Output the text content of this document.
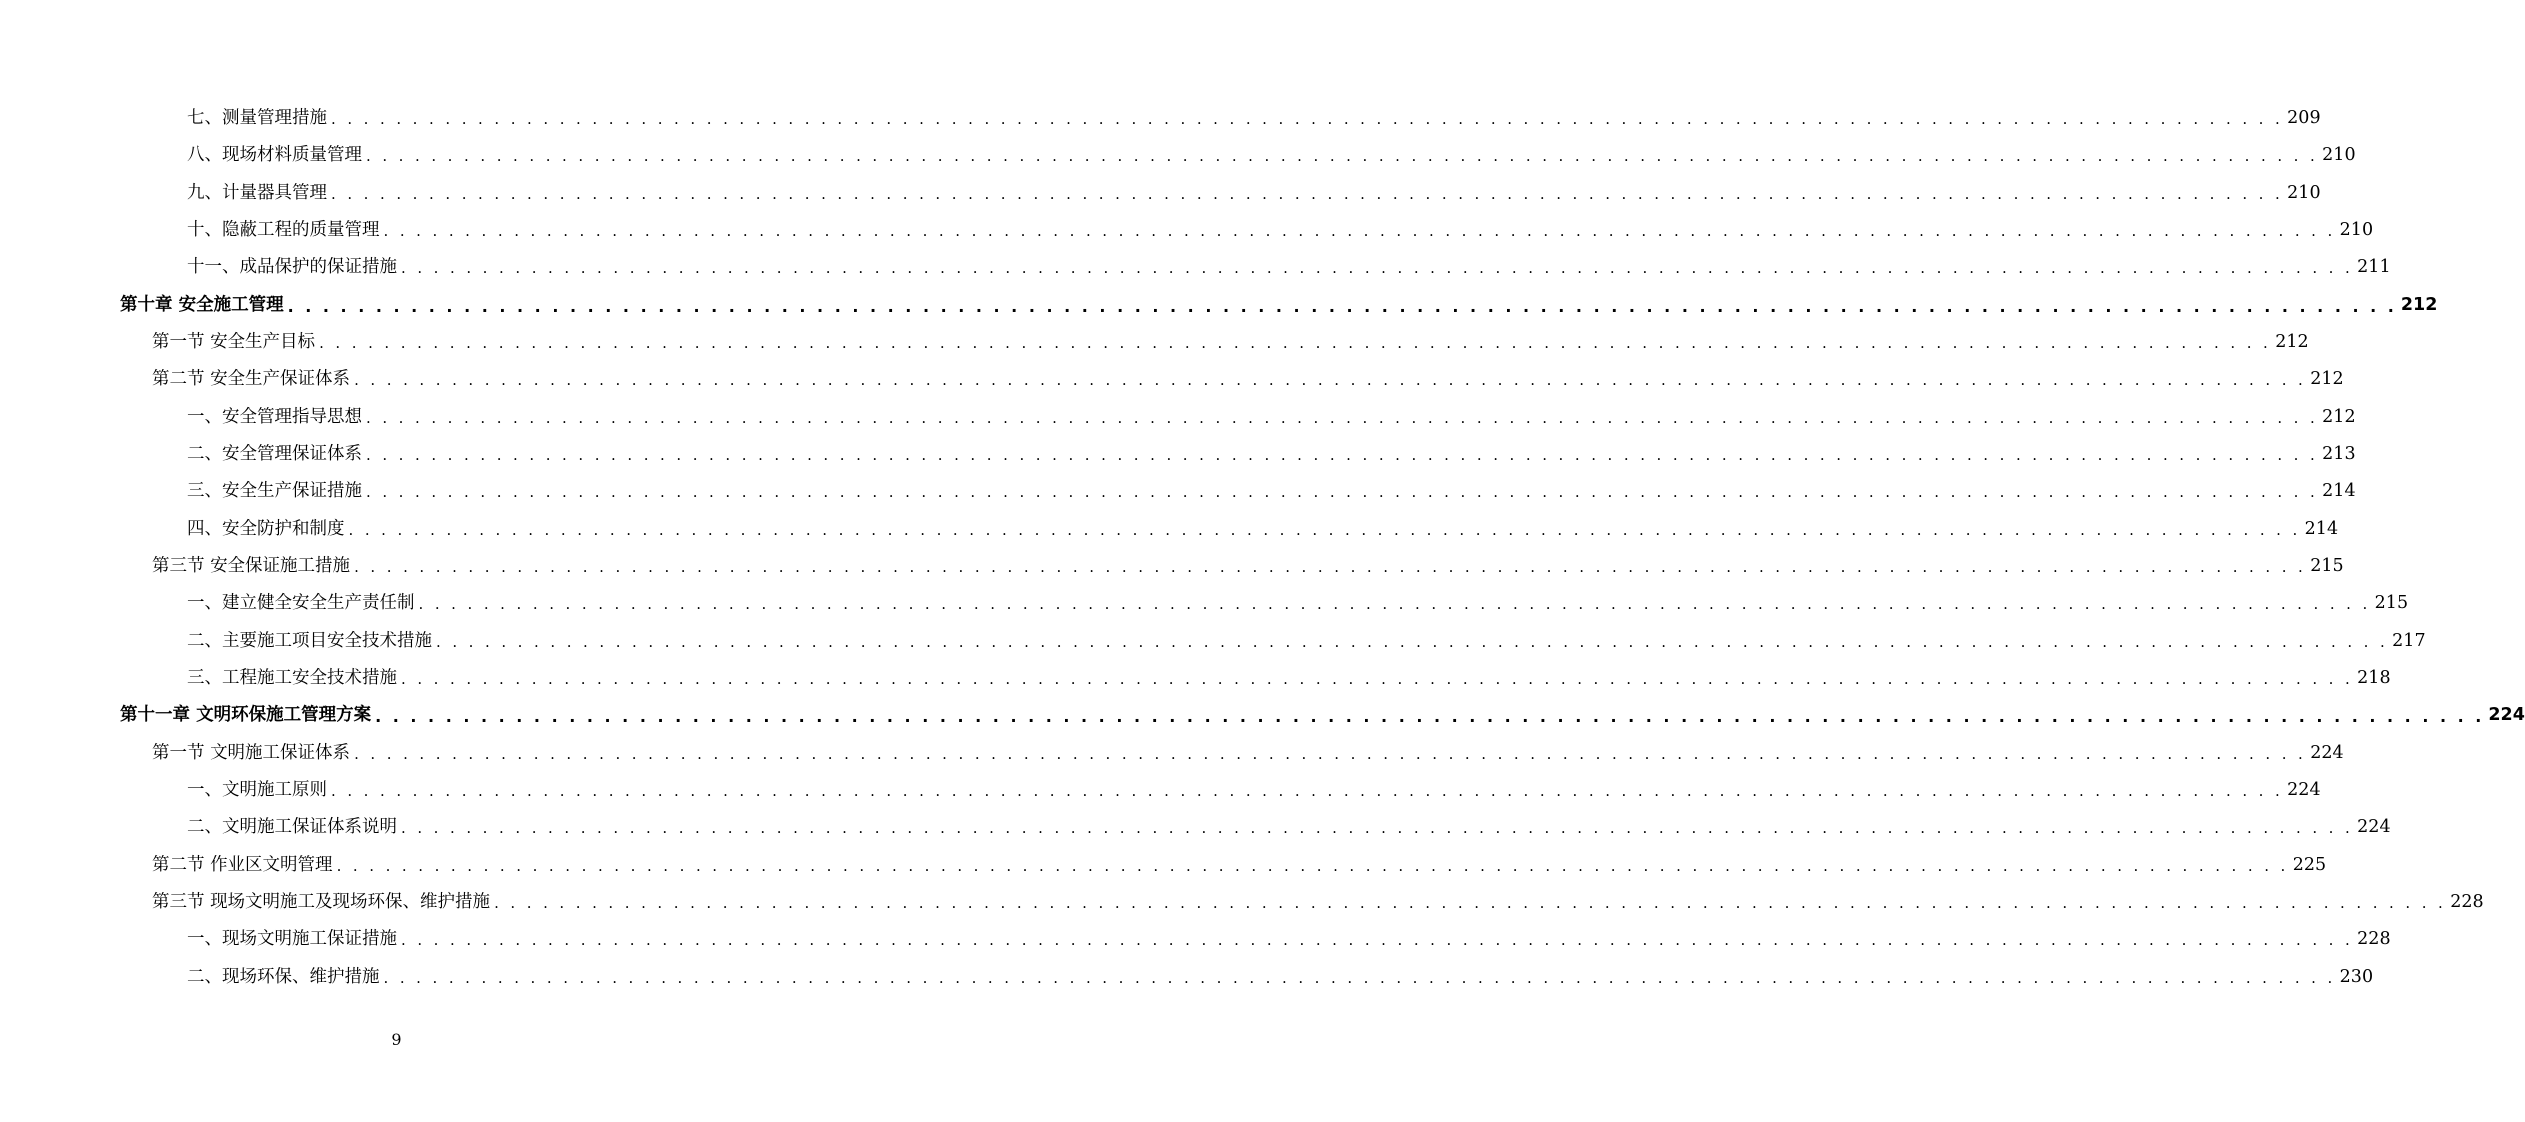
七、测量管理措施 . . . . . . . . . . . . . . . . . . . . . . . . . . . . . . . . . . . . . . . . . . . . . . . . . . . . . . . . . . . . . . . . . . . . . . . . . . . . . . . . . . . . . . . . . . . . . . . . . . . . . . . . . . . . . . . . . . . . . . . . 209
八、现场材料质量管理 . . . . . . . . . . . . . . . . . . . . . . . . . . . . . . . . . . . . . . . . . . . . . . . . . . . . . . . . . . . . . . . . . . . . . . . . . . . . . . . . . . . . . . . . . . . . . . . . . . . . . . . . . . . . . . . . . . . . . . . . 210
九、计量器具管理 . . . . . . . . . . . . . . . . . . . . . . . . . . . . . . . . . . . . . . . . . . . . . . . . . . . . . . . . . . . . . . . . . . . . . . . . . . . . . . . . . . . . . . . . . . . . . . . . . . . . . . . . . . . . . . . . . . . . . . . . 210
十、隐蔽工程的质量管理 . . . . . . . . . . . . . . . . . . . . . . . . . . . . . . . . . . . . . . . . . . . . . . . . . . . . . . . . . . . . . . . . . . . . . . . . . . . . . . . . . . . . . . . . . . . . . . . . . . . . . . . . . . . . . . . . . . . . . . . . 210
十一、成品保护的保证措施 . . . . . . . . . . . . . . . . . . . . . . . . . . . . . . . . . . . . . . . . . . . . . . . . . . . . . . . . . . . . . . . . . . . . . . . . . . . . . . . . . . . . . . . . . . . . . . . . . . . . . . . . . . . . . . . . . . . . . . . . 211
第十章 安全施工管理 . . . . . . . . . . . . . . . . . . . . . . . . . . . . . . . . . . . . . . . . . . . . . . . . . . . . . . . . . . . . . . . . . . . . . . . . . . . . . . . . . . . . . . . . . . . . . . . . . . . . . . . . . . . . . . . . . . . . . . . . 212
第一节 安全生产目标 . . . . . . . . . . . . . . . . . . . . . . . . . . . . . . . . . . . . . . . . . . . . . . . . . . . . . . . . . . . . . . . . . . . . . . . . . . . . . . . . . . . . . . . . . . . . . . . . . . . . . . . . . . . . . . . . . . . . . . . . 212
第二节 安全生产保证体系 . . . . . . . . . . . . . . . . . . . . . . . . . . . . . . . . . . . . . . . . . . . . . . . . . . . . . . . . . . . . . . . . . . . . . . . . . . . . . . . . . . . . . . . . . . . . . . . . . . . . . . . . . . . . . . . . . . . . . . . . 212
一、安全管理指导思想 . . . . . . . . . . . . . . . . . . . . . . . . . . . . . . . . . . . . . . . . . . . . . . . . . . . . . . . . . . . . . . . . . . . . . . . . . . . . . . . . . . . . . . . . . . . . . . . . . . . . . . . . . . . . . . . . . . . . . . . . 212
二、安全管理保证体系 . . . . . . . . . . . . . . . . . . . . . . . . . . . . . . . . . . . . . . . . . . . . . . . . . . . . . . . . . . . . . . . . . . . . . . . . . . . . . . . . . . . . . . . . . . . . . . . . . . . . . . . . . . . . . . . . . . . . . . . . 213
三、安全生产保证措施 . . . . . . . . . . . . . . . . . . . . . . . . . . . . . . . . . . . . . . . . . . . . . . . . . . . . . . . . . . . . . . . . . . . . . . . . . . . . . . . . . . . . . . . . . . . . . . . . . . . . . . . . . . . . . . . . . . . . . . . . 214
四、安全防护和制度 . . . . . . . . . . . . . . . . . . . . . . . . . . . . . . . . . . . . . . . . . . . . . . . . . . . . . . . . . . . . . . . . . . . . . . . . . . . . . . . . . . . . . . . . . . . . . . . . . . . . . . . . . . . . . . . . . . . . . . . . 214
第三节 安全保证施工措施 . . . . . . . . . . . . . . . . . . . . . . . . . . . . . . . . . . . . . . . . . . . . . . . . . . . . . . . . . . . . . . . . . . . . . . . . . . . . . . . . . . . . . . . . . . . . . . . . . . . . . . . . . . . . . . . . . . . . . . . . 215
一、建立健全安全生产责任制 . . . . . . . . . . . . . . . . . . . . . . . . . . . . . . . . . . . . . . . . . . . . . . . . . . . . . . . . . . . . . . . . . . . . . . . . . . . . . . . . . . . . . . . . . . . . . . . . . . . . . . . . . . . . . . . . . . . . . . . . 215
二、主要施工项目安全技术措施 . . . . . . . . . . . . . . . . . . . . . . . . . . . . . . . . . . . . . . . . . . . . . . . . . . . . . . . . . . . . . . . . . . . . . . . . . . . . . . . . . . . . . . . . . . . . . . . . . . . . . . . . . . . . . . . . . . . . . . . . 217
三、工程施工安全技术措施 . . . . . . . . . . . . . . . . . . . . . . . . . . . . . . . . . . . . . . . . . . . . . . . . . . . . . . . . . . . . . . . . . . . . . . . . . . . . . . . . . . . . . . . . . . . . . . . . . . . . . . . . . . . . . . . . . . . . . . . . 218
第十一章 文明环保施工管理方案 . . . . . . . . . . . . . . . . . . . . . . . . . . . . . . . . . . . . . . . . . . . . . . . . . . . . . . . . . . . . . . . . . . . . . . . . . . . . . . . . . . . . . . . . . . . . . . . . . . . . . . . . . . . . . . . . . . . . . . . . 224
第一节 文明施工保证体系 . . . . . . . . . . . . . . . . . . . . . . . . . . . . . . . . . . . . . . . . . . . . . . . . . . . . . . . . . . . . . . . . . . . . . . . . . . . . . . . . . . . . . . . . . . . . . . . . . . . . . . . . . . . . . . . . . . . . . . . . 224
一、文明施工原则 . . . . . . . . . . . . . . . . . . . . . . . . . . . . . . . . . . . . . . . . . . . . . . . . . . . . . . . . . . . . . . . . . . . . . . . . . . . . . . . . . . . . . . . . . . . . . . . . . . . . . . . . . . . . . . . . . . . . . . . . 224
二、文明施工保证体系说明 . . . . . . . . . . . . . . . . . . . . . . . . . . . . . . . . . . . . . . . . . . . . . . . . . . . . . . . . . . . . . . . . . . . . . . . . . . . . . . . . . . . . . . . . . . . . . . . . . . . . . . . . . . . . . . . . . . . . . . . . 224
第二节 作业区文明管理 . . . . . . . . . . . . . . . . . . . . . . . . . . . . . . . . . . . . . . . . . . . . . . . . . . . . . . . . . . . . . . . . . . . . . . . . . . . . . . . . . . . . . . . . . . . . . . . . . . . . . . . . . . . . . . . . . . . . . . . . 225
第三节 现场文明施工及现场环保、维护措施 . . . . . . . . . . . . . . . . . . . . . . . . . . . . . . . . . . . . . . . . . . . . . . . . . . . . . . . . . . . . . . . . . . . . . . . . . . . . . . . . . . . . . . . . . . . . . . . . . . . . . . . . . . . . . . . . . . . . . . . . 228
一、现场文明施工保证措施 . . . . . . . . . . . . . . . . . . . . . . . . . . . . . . . . . . . . . . . . . . . . . . . . . . . . . . . . . . . . . . . . . . . . . . . . . . . . . . . . . . . . . . . . . . . . . . . . . . . . . . . . . . . . . . . . . . . . . . . . 228
二、现场环保、维护措施 . . . . . . . . . . . . . . . . . . . . . . . . . . . . . . . . . . . . . . . . . . . . . . . . . . . . . . . . . . . . . . . . . . . . . . . . . . . . . . . . . . . . . . . . . . . . . . . . . . . . . . . . . . . . . . . . . . . . . . . . 230
9
